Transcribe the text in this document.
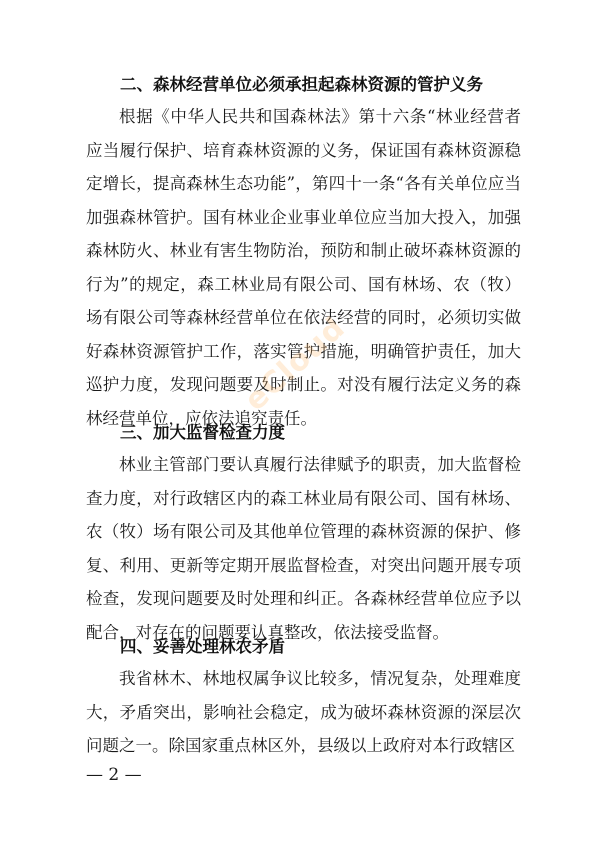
二、森林经营单位必须承担起森林资源的管护义务
根据《中华人民共和国森林法》第十六条“林业经营者应当履行保护、培育森林资源的义务，保证国有森林资源稳定增长，提高森林生态功能”，第四十一条“各有关单位应当加强森林管护。国有林业企业事业单位应当加大投入，加强森林防火、林业有害生物防治，预防和制止破坏森林资源的行为”的规定，森工林业局有限公司、国有林场、农（牧）场有限公司等森林经营单位在依法经营的同时，必须切实做好森林资源管护工作，落实管护措施，明确管护责任，加大巡护力度，发现问题要及时制止。对没有履行法定义务的森林经营单位，应依法追究责任。
三、加大监督检查力度
林业主管部门要认真履行法律赋予的职责，加大监督检查力度，对行政辖区内的森工林业局有限公司、国有林场、农（牧）场有限公司及其他单位管理的森林资源的保护、修复、利用、更新等定期开展监督检查，对突出问题开展专项检查，发现问题要及时处理和纠正。各森林经营单位应予以配合，对存在的问题要认真整改，依法接受监督。
四、妥善处理林农矛盾
我省林木、林地权属争议比较多，情况复杂，处理难度大，矛盾突出，影响社会稳定，成为破坏森林资源的深层次问题之一。除国家重点林区外，县级以上政府对本行政辖区
eCloud
— 2 —
